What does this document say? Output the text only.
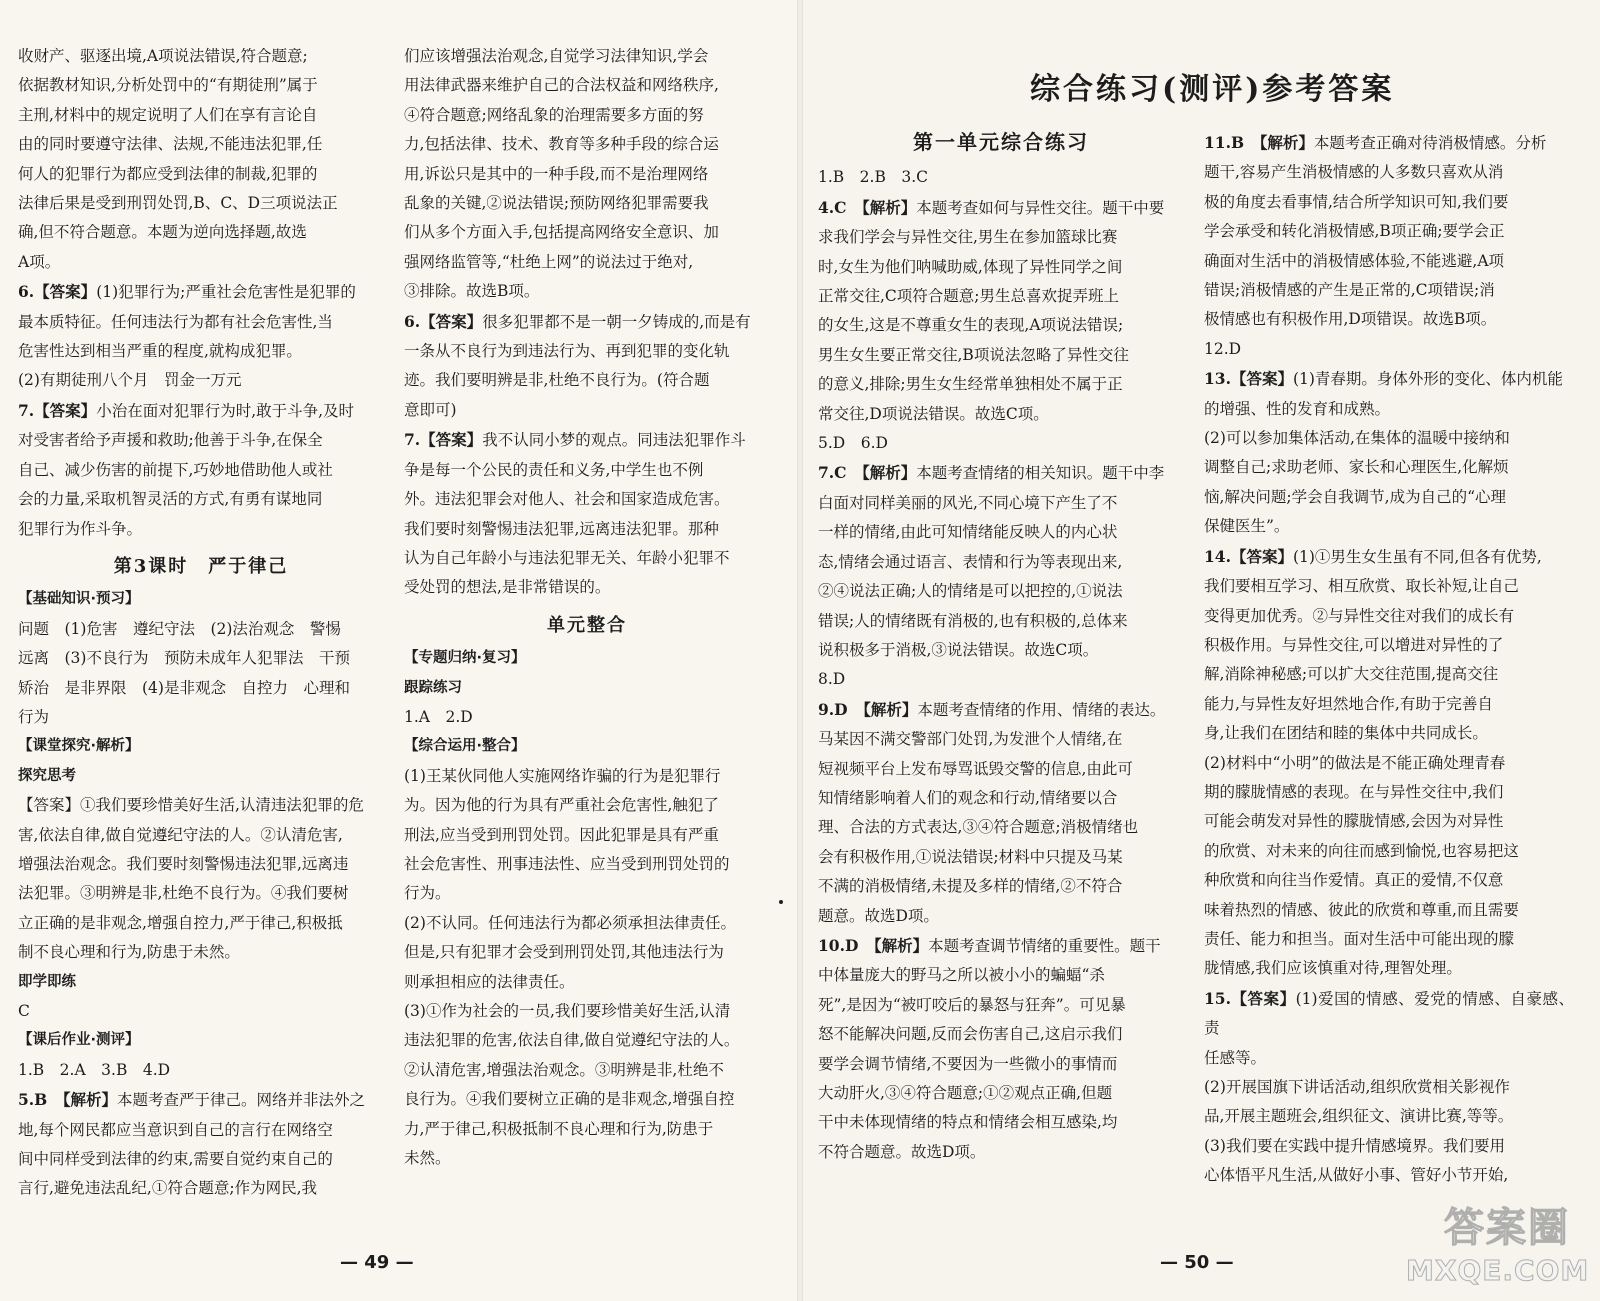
综合练习(测评)参考答案

收财产、驱逐出境,A项说法错误,符合题意;

依据教材知识,分析处罚中的“有期徒刑”属于

主刑,材料中的规定说明了人们在享有言论自

由的同时要遵守法律、法规,不能违法犯罪,任

何人的犯罪行为都应受到法律的制裁,犯罪的

法律后果是受到刑罚处罚,B、C、D三项说法正

确,但不符合题意。本题为逆向选择题,故选

A项。

6.【答案】(1)犯罪行为;严重社会危害性是犯罪的

最本质特征。任何违法行为都有社会危害性,当

危害性达到相当严重的程度,就构成犯罪。

(2)有期徒刑八个月　罚金一万元

7.【答案】小治在面对犯罪行为时,敢于斗争,及时

对受害者给予声援和救助;他善于斗争,在保全

自己、减少伤害的前提下,巧妙地借助他人或社

会的力量,采取机智灵活的方式,有勇有谋地同

犯罪行为作斗争。

第3课时　严于律己

【基础知识·预习】

问题　(1)危害　遵纪守法　(2)法治观念　警惕

远离　(3)不良行为　预防未成年人犯罪法　干预

矫治　是非界限　(4)是非观念　自控力　心理和

行为

【课堂探究·解析】

探究思考

【答案】①我们要珍惜美好生活,认清违法犯罪的危

害,依法自律,做自觉遵纪守法的人。②认清危害,

增强法治观念。我们要时刻警惕违法犯罪,远离违

法犯罪。③明辨是非,杜绝不良行为。④我们要树

立正确的是非观念,增强自控力,严于律己,积极抵

制不良心理和行为,防患于未然。

即学即练

C

【课后作业·测评】

1.B　2.A　3.B　4.D

5.B　【解析】本题考查严于律己。网络并非法外之

地,每个网民都应当意识到自己的言行在网络空

间中同样受到法律的约束,需要自觉约束自己的

言行,避免违法乱纪,①符合题意;作为网民,我

们应该增强法治观念,自觉学习法律知识,学会

用法律武器来维护自己的合法权益和网络秩序,

④符合题意;网络乱象的治理需要多方面的努

力,包括法律、技术、教育等多种手段的综合运

用,诉讼只是其中的一种手段,而不是治理网络

乱象的关键,②说法错误;预防网络犯罪需要我

们从多个方面入手,包括提高网络安全意识、加

强网络监管等,“杜绝上网”的说法过于绝对,

③排除。故选B项。

6.【答案】很多犯罪都不是一朝一夕铸成的,而是有

一条从不良行为到违法行为、再到犯罪的变化轨

迹。我们要明辨是非,杜绝不良行为。(符合题

意即可)

7.【答案】我不认同小梦的观点。同违法犯罪作斗

争是每一个公民的责任和义务,中学生也不例

外。违法犯罪会对他人、社会和国家造成危害。

我们要时刻警惕违法犯罪,远离违法犯罪。那种

认为自己年龄小与违法犯罪无关、年龄小犯罪不

受处罚的想法,是非常错误的。

单元整合

【专题归纳·复习】

跟踪练习

1.A　2.D

【综合运用·整合】

(1)王某伙同他人实施网络诈骗的行为是犯罪行

为。因为他的行为具有严重社会危害性,触犯了

刑法,应当受到刑罚处罚。因此犯罪是具有严重

社会危害性、刑事违法性、应当受到刑罚处罚的

行为。

(2)不认同。任何违法行为都必须承担法律责任。

但是,只有犯罪才会受到刑罚处罚,其他违法行为

则承担相应的法律责任。

(3)①作为社会的一员,我们要珍惜美好生活,认清

违法犯罪的危害,依法自律,做自觉遵纪守法的人。

②认清危害,增强法治观念。③明辨是非,杜绝不

良行为。④我们要树立正确的是非观念,增强自控

力,严于律己,积极抵制不良心理和行为,防患于

未然。

第一单元综合练习

1.B　2.B　3.C

4.C　【解析】本题考查如何与异性交往。题干中要

求我们学会与异性交往,男生在参加篮球比赛

时,女生为他们呐喊助威,体现了异性同学之间

正常交往,C项符合题意;男生总喜欢捉弄班上

的女生,这是不尊重女生的表现,A项说法错误;

男生女生要正常交往,B项说法忽略了异性交往

的意义,排除;男生女生经常单独相处不属于正

常交往,D项说法错误。故选C项。

5.D　6.D

7.C　【解析】本题考查情绪的相关知识。题干中李

白面对同样美丽的风光,不同心境下产生了不

一样的情绪,由此可知情绪能反映人的内心状

态,情绪会通过语言、表情和行为等表现出来,

②④说法正确;人的情绪是可以把控的,①说法

错误;人的情绪既有消极的,也有积极的,总体来

说积极多于消极,③说法错误。故选C项。

8.D

9.D　【解析】本题考查情绪的作用、情绪的表达。

马某因不满交警部门处罚,为发泄个人情绪,在

短视频平台上发布辱骂诋毁交警的信息,由此可

知情绪影响着人们的观念和行动,情绪要以合

理、合法的方式表达,③④符合题意;消极情绪也

会有积极作用,①说法错误;材料中只提及马某

不满的消极情绪,未提及多样的情绪,②不符合

题意。故选D项。

10.D　【解析】本题考查调节情绪的重要性。题干

中体量庞大的野马之所以被小小的蝙蝠“杀

死”,是因为“被叮咬后的暴怒与狂奔”。可见暴

怒不能解决问题,反而会伤害自己,这启示我们

要学会调节情绪,不要因为一些微小的事情而

大动肝火,③④符合题意;①②观点正确,但题

干中未体现情绪的特点和情绪会相互感染,均

不符合题意。故选D项。

11.B　【解析】本题考查正确对待消极情感。分析

题干,容易产生消极情感的人多数只喜欢从消

极的角度去看事情,结合所学知识可知,我们要

学会承受和转化消极情感,B项正确;要学会正

确面对生活中的消极情感体验,不能逃避,A项

错误;消极情感的产生是正常的,C项错误;消

极情感也有积极作用,D项错误。故选B项。

12.D

13.【答案】(1)青春期。身体外形的变化、体内机能

的增强、性的发育和成熟。

(2)可以参加集体活动,在集体的温暖中接纳和

调整自己;求助老师、家长和心理医生,化解烦

恼,解决问题;学会自我调节,成为自己的“心理

保健医生”。

14.【答案】(1)①男生女生虽有不同,但各有优势,

我们要相互学习、相互欣赏、取长补短,让自己

变得更加优秀。②与异性交往对我们的成长有

积极作用。与异性交往,可以增进对异性的了

解,消除神秘感;可以扩大交往范围,提高交往

能力,与异性友好坦然地合作,有助于完善自

身,让我们在团结和睦的集体中共同成长。

(2)材料中“小明”的做法是不能正确处理青春

期的朦胧情感的表现。在与异性交往中,我们

可能会萌发对异性的朦胧情感,会因为对异性

的欣赏、对未来的向往而感到愉悦,也容易把这

种欣赏和向往当作爱情。真正的爱情,不仅意

味着热烈的情感、彼此的欣赏和尊重,而且需要

责任、能力和担当。面对生活中可能出现的朦

胧情感,我们应该慎重对待,理智处理。

15.【答案】(1)爱国的情感、爱党的情感、自豪感、责

任感等。

(2)开展国旗下讲话活动,组织欣赏相关影视作

品,开展主题班会,组织征文、演讲比赛,等等。

(3)我们要在实践中提升情感境界。我们要用

心体悟平凡生活,从做好小事、管好小节开始,

— 49 —	— 50 —
答案圈
MXQE.COM
